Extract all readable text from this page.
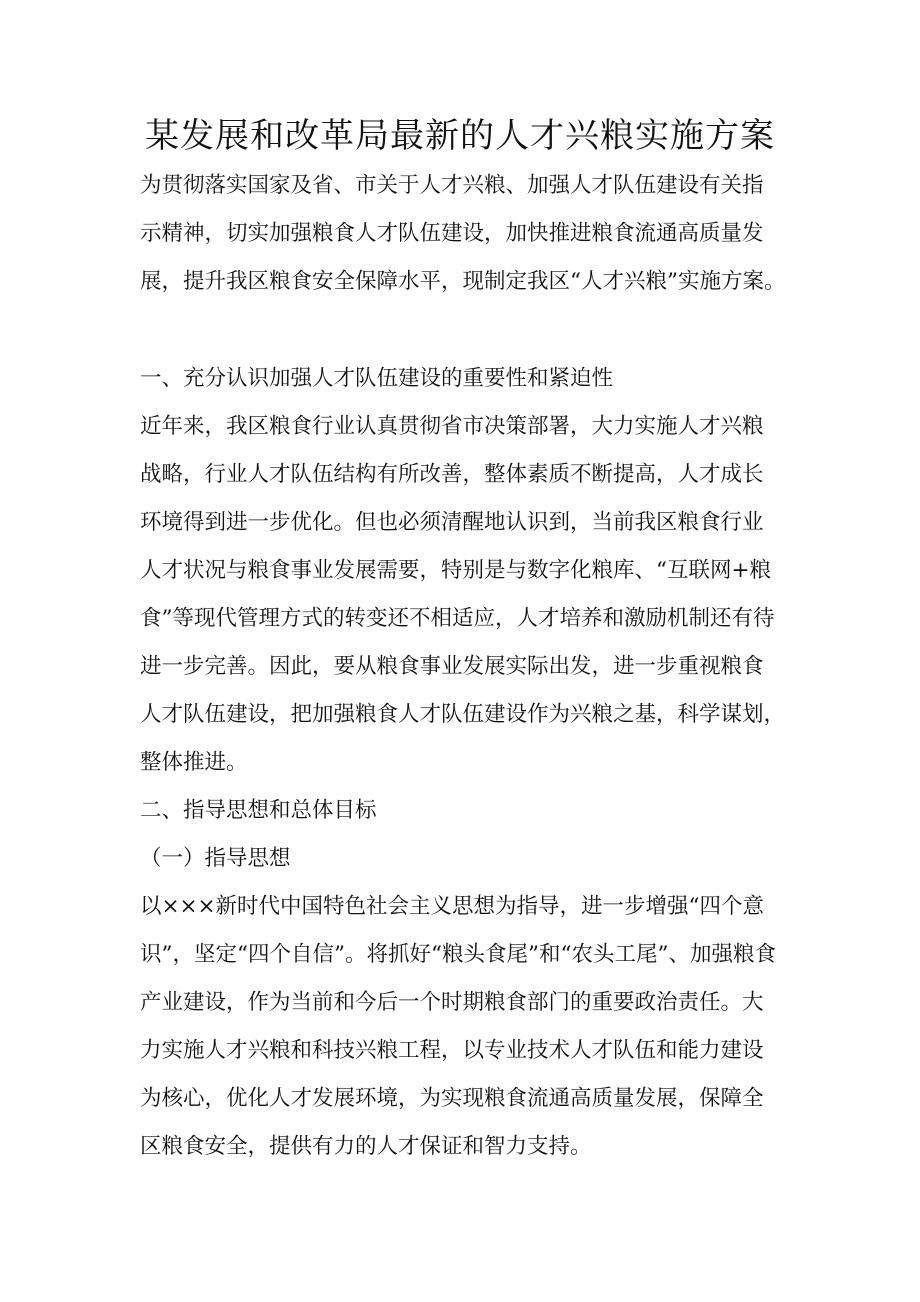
某发展和改革局最新的人才兴粮实施方案
为贯彻落实国家及省、市关于人才兴粮、加强人才队伍建设有关指
示精神，切实加强粮食人才队伍建设，加快推进粮食流通高质量发
展，提升我区粮食安全保障水平，现制定我区“人才兴粮”实施方案。
一、充分认识加强人才队伍建设的重要性和紧迫性
近年来，我区粮食行业认真贯彻省市决策部署，大力实施人才兴粮
战略，行业人才队伍结构有所改善，整体素质不断提高，人才成长
环境得到进一步优化。但也必须清醒地认识到，当前我区粮食行业
人才状况与粮食事业发展需要，特别是与数字化粮库、“互联网+粮
食”等现代管理方式的转变还不相适应，人才培养和激励机制还有待
进一步完善。因此，要从粮食事业发展实际出发，进一步重视粮食
人才队伍建设，把加强粮食人才队伍建设作为兴粮之基，科学谋划，
整体推进。
二、指导思想和总体目标
（一）指导思想
以×××新时代中国特色社会主义思想为指导，进一步增强“四个意
识”，坚定“四个自信”。将抓好“粮头食尾”和“农头工尾”、加强粮食
产业建设，作为当前和今后一个时期粮食部门的重要政治责任。大
力实施人才兴粮和科技兴粮工程，以专业技术人才队伍和能力建设
为核心，优化人才发展环境，为实现粮食流通高质量发展，保障全
区粮食安全，提供有力的人才保证和智力支持。
